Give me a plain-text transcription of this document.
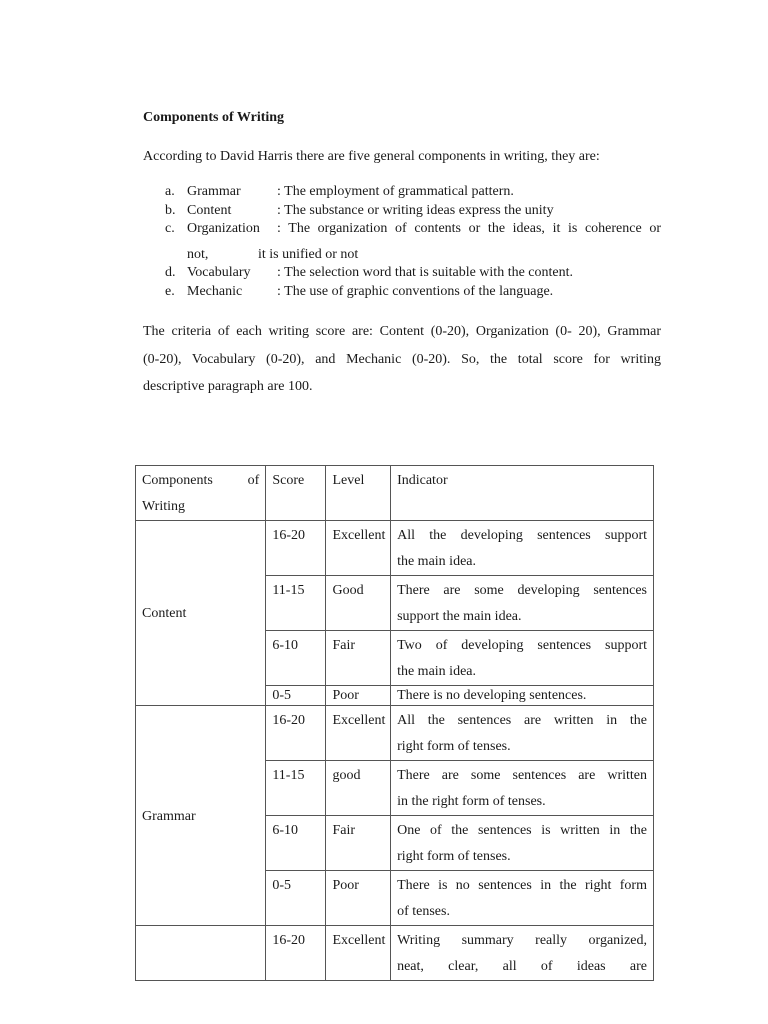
Components of Writing
According to David Harris there are five general components in writing, they are:
a. Grammar	: The employment of grammatical pattern.
b. Content	: The substance or writing ideas express the unity
c. Organization : The organization of contents or the ideas, it is coherence or
not,	it is unified or not
d. Vocabulary : The selection word that is suitable with the content.
e. Mechanic : The use of graphic conventions of the language.
The criteria of each writing score are: Content (0-20), Organization (0- 20), Grammar
(0-20), Vocabulary (0-20), and Mechanic (0-20). So, the total score for writing
descriptive paragraph are 100.
Components of
Writing	Score	Level	Indicator
Content	16-20	Excellent	All the developing sentences support
the main idea.
	11-15	Good	There are some developing sentences
support the main idea.
	6-10	Fair	Two of developing sentences support
the main idea.
	0-5	Poor	There is no developing sentences.
Grammar	16-20	Excellent	All the sentences are written in the
right form of tenses.
	11-15	good	There are some sentences are written
in the right form of tenses.
	6-10	Fair	One of the sentences is written in the
right form of tenses.
	0-5	Poor	There is no sentences in the right form
of tenses.
	16-20	Excellent	Writing summary really organized,
neat, clear, all of ideas are
